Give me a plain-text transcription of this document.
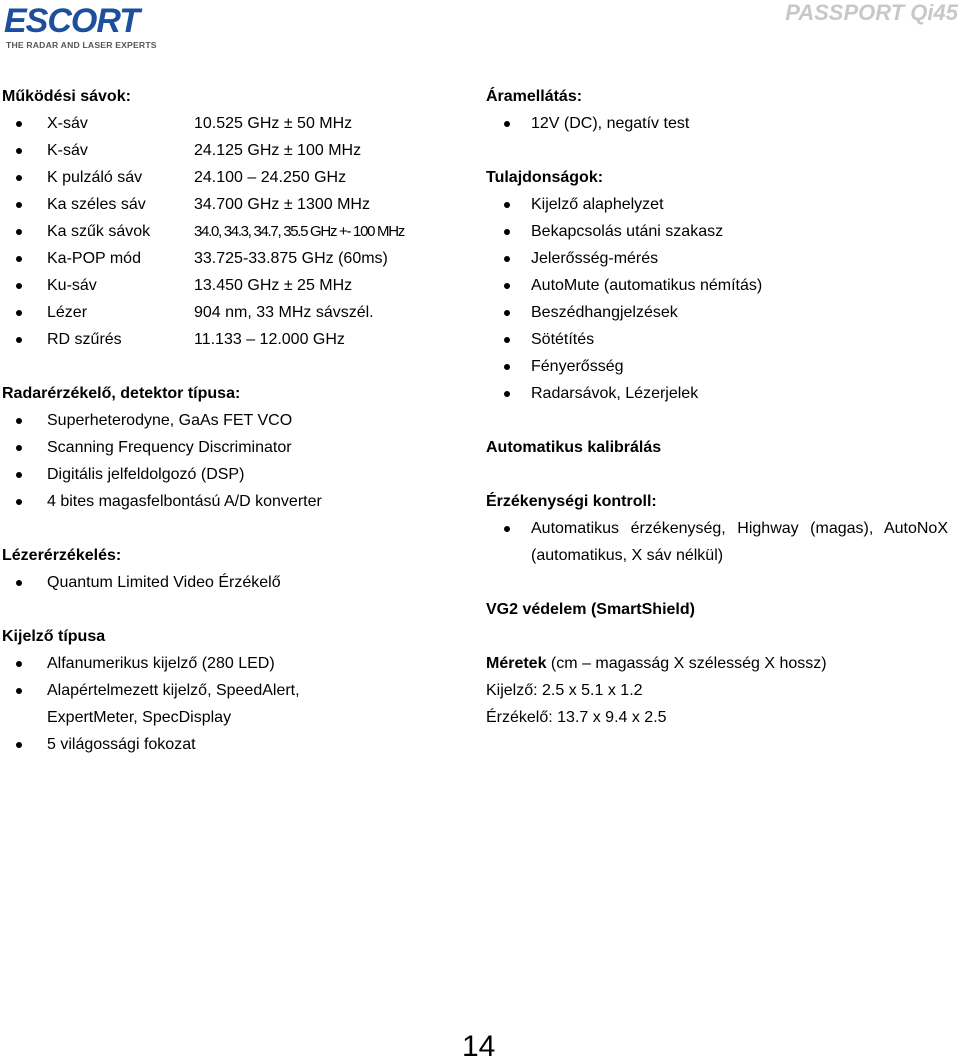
ESCORT
THE RADAR AND LASER EXPERTS
PASSPORT Qi45
Működési sávok:
X-sáv	10.525 GHz ± 50 MHz
K-sáv	24.125 GHz ± 100 MHz
K pulzáló sáv	24.100 – 24.250 GHz
Ka széles sáv	34.700 GHz ± 1300 MHz
Ka szűk sávok	34.0, 34.3, 34.7, 35.5 GHz +- 100 MHz
Ka-POP mód	33.725-33.875 GHz (60ms)
Ku-sáv	13.450 GHz ± 25 MHz
Lézer	904 nm, 33 MHz sávszél.
RD szűrés	11.133 – 12.000 GHz
Radarérzékelő, detektor típusa:
Superheterodyne, GaAs FET VCO
Scanning Frequency Discriminator
Digitális jelfeldolgozó (DSP)
4 bites magasfelbontású A/D konverter
Lézerérzékelés:
Quantum Limited Video Érzékelő
Kijelző típusa
Alfanumerikus kijelző (280 LED)
Alapértelmezett kijelző, SpeedAlert, ExpertMeter, SpecDisplay
5 világossági fokozat
Áramellátás:
12V (DC), negatív test
Tulajdonságok:
Kijelző alaphelyzet
Bekapcsolás utáni szakasz
Jelerősség-mérés
AutoMute (automatikus némítás)
Beszédhangjelzések
Sötétítés
Fényerősség
Radarsávok, Lézerjelek
Automatikus kalibrálás
Érzékenységi kontroll:
Automatikus érzékenység, Highway (magas), AutoNoX (automatikus, X sáv nélkül)
VG2 védelem (SmartShield)
Méretek (cm – magasság X szélesség X hossz)
Kijelző: 2.5 x 5.1 x 1.2
Érzékelő: 13.7 x 9.4 x 2.5
14
